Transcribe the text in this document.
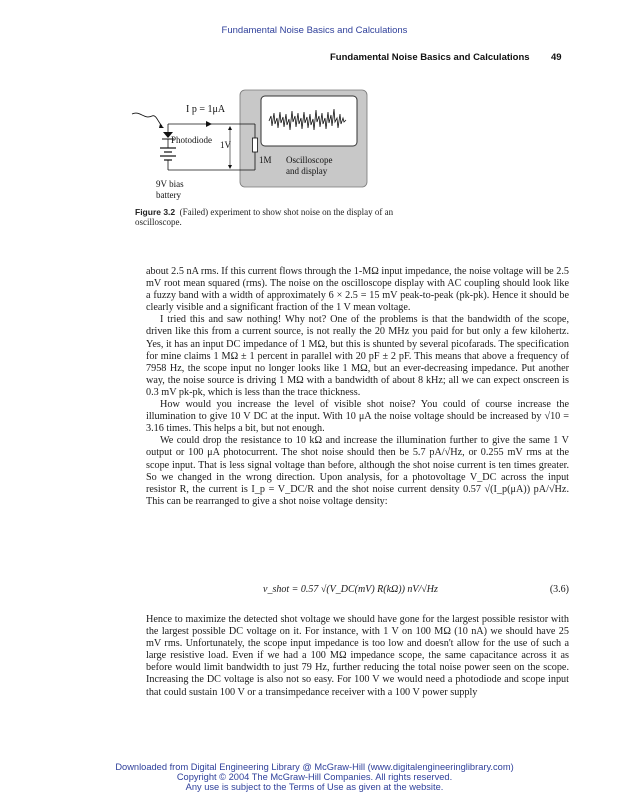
Fundamental Noise Basics and Calculations
Fundamental Noise Basics and Calculations 49
I p = 1μA
Photodiode 1V
1M Oscilloscope
and display
9V bias
battery
Figure 3.2 (Failed) experiment to show shot noise on the display of an oscilloscope.

about 2.5 nA rms. If this current flows through the 1-MΩ input impedance, the noise voltage will be 2.5 mV root mean squared (rms). The noise on the oscilloscope display with AC coupling should look like a fuzzy band with a width of approximately 6 × 2.5 = 15 mV peak-to-peak (pk-pk). Hence it should be clearly visible and a significant fraction of the 1 V mean voltage.

I tried this and saw nothing! Why not? One of the problems is that the bandwidth of the scope, driven like this from a current source, is not really the 20 MHz you paid for but only a few kilohertz. Yes, it has an input DC impedance of 1 MΩ, but this is shunted by several picofarads. The specification for mine claims 1 MΩ ± 1 percent in parallel with 20 pF ± 2 pF. This means that above a frequency of 7958 Hz, the scope input no longer looks like 1 MΩ, but an ever-decreasing impedance. Put another way, the noise source is driving 1 MΩ with a bandwidth of about 8 kHz; all we can expect onscreen is 0.3 mV pk-pk, which is less than the trace thickness.

How would you increase the level of visible shot noise? You could of course increase the illumination to give 10 V DC at the input. With 10 μA the noise voltage should be increased by √10 = 3.16 times. This helps a bit, but not enough.

We could drop the resistance to 10 kΩ and increase the illumination further to give the same 1 V output or 100 μA photocurrent. The shot noise should then be 5.7 pA/√Hz, or 0.255 mV rms at the scope input. That is less signal voltage than before, although the shot noise current is ten times greater. So we changed in the wrong direction. Upon analysis, for a photovoltage V_DC across the input resistor R, the current is I_p = V_DC/R and the shot noise current density 0.57 √(I_p(μA)) pA/√Hz. This can be rearranged to give a shot noise voltage density:

v_shot = 0.57 √(V_DC(mV) R(kΩ)) nV/√Hz	(3.6)

Hence to maximize the detected shot voltage we should have gone for the largest possible resistor with the largest possible DC voltage on it. For instance, with 1 V on 100 MΩ (10 nA) we should have 25 mV rms. Unfortunately, the scope input impedance is too low and doesn't allow for the use of such a large resistive load. Even if we had a 100 MΩ impedance scope, the same capacitance across it as before would limit bandwidth to just 79 Hz, further reducing the total noise power seen on the scope. Increasing the DC voltage is also not so easy. For 100 V we would need a photodiode and scope input that could sustain 100 V or a transimpedance receiver with a 100 V power supply

Downloaded from Digital Engineering Library @ McGraw-Hill (www.digitalengineeringlibrary.com)
Copyright © 2004 The McGraw-Hill Companies. All rights reserved.
Any use is subject to the Terms of Use as given at the website.
